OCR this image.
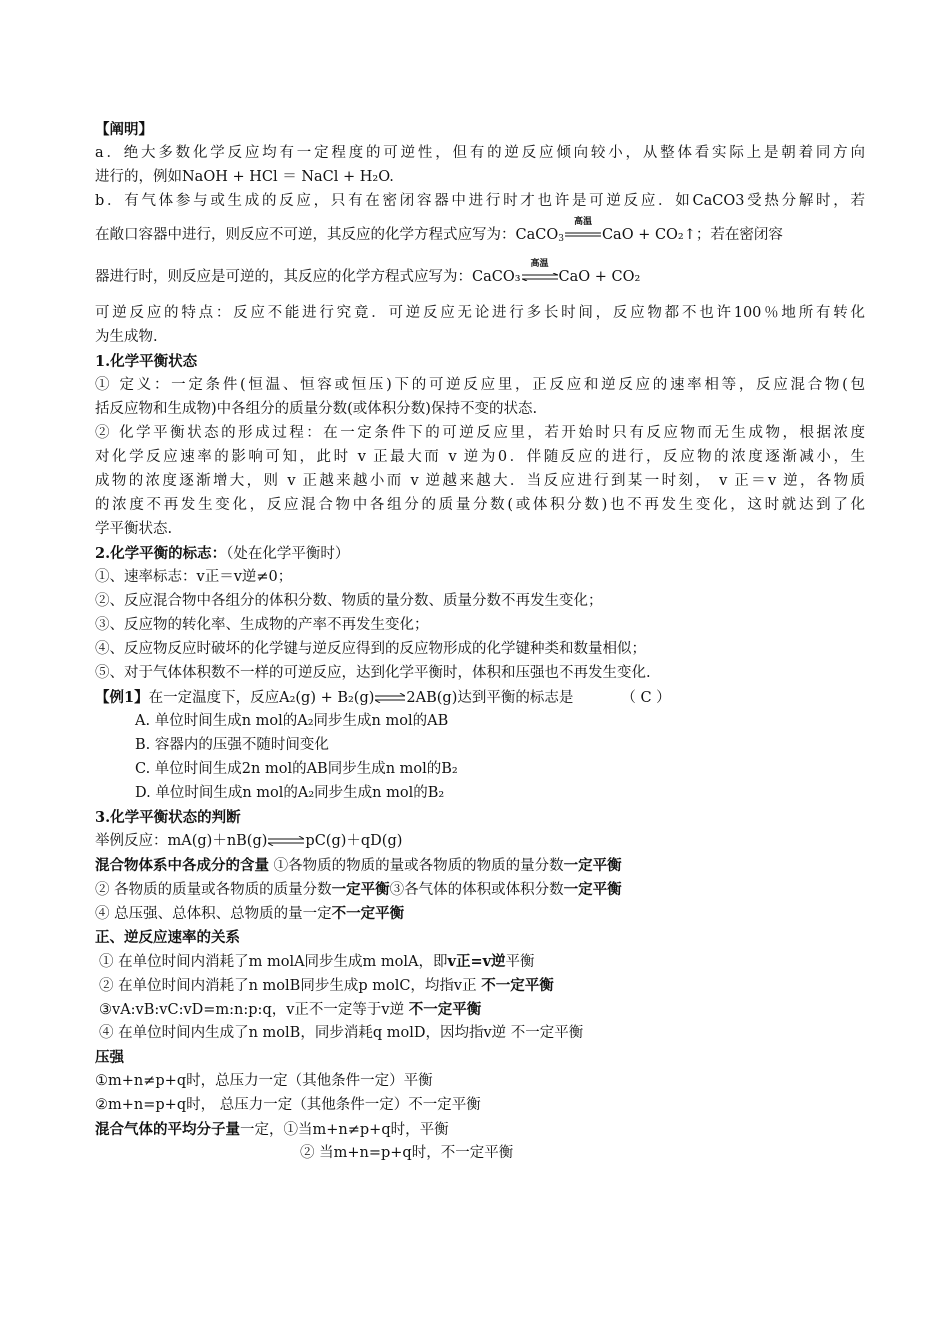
【阐明】
a．绝大多数化学反应均有一定程度的可逆性，但有的逆反应倾向较小，从整体看实际上是朝着同方向
进行的，例如NaOH + HCl ＝ NaCl + H₂O.
b．有气体参与或生成的反应，只有在密闭容器中进行时才也许是可逆反应．如CaCO3受热分解时，若
在敞口容器中进行，则反应不可逆，其反应的化学方程式应写为：CaCO$_3$
高温
CaO + CO₂↑；若在密闭容
器进行时，则反应是可逆的，其反应的化学方程式应写为：CaCO₃
高温
CaO + CO₂
可逆反应的特点：反应不能进行究竟．可逆反应无论进行多长时间，反应物都不也许100％地所有转化
为生成物.
1.化学平衡状态
① 定义：一定条件(恒温、恒容或恒压)下的可逆反应里，正反应和逆反应的速率相等，反应混合物(包
括反应物和生成物)中各组分的质量分数(或体积分数)保持不变的状态.
② 化学平衡状态的形成过程：在一定条件下的可逆反应里，若开始时只有反应物而无生成物，根据浓度
对化学反应速率的影响可知，此时 v 正最大而 v 逆为0．伴随反应的进行，反应物的浓度逐渐减小，生
成物的浓度逐渐增大，则 v 正越来越小而 v 逆越来越大．当反应进行到某一时刻， v 正＝v 逆，各物质
的浓度不再发生变化，反应混合物中各组分的质量分数(或体积分数)也不再发生变化，这时就达到了化
学平衡状态.
2.化学平衡的标志：（处在化学平衡时）
①、速率标志：v正＝v逆≠0；
②、反应混合物中各组分的体积分数、物质的量分数、质量分数不再发生变化；
③、反应物的转化率、生成物的产率不再发生变化；
④、反应物反应时破坏的化学键与逆反应得到的反应物形成的化学键种类和数量相似；
⑤、对于气体体积数不一样的可逆反应，达到化学平衡时，体积和压强也不再发生变化.
【例1】在一定温度下，反应A₂(g) + B₂(g)⇌2AB(g)达到平衡的标志是	（ C ）
A. 单位时间生成n mol的A₂同步生成n mol的AB
B. 容器内的压强不随时间变化
C. 单位时间生成2n mol的AB同步生成n mol的B₂
D. 单位时间生成n mol的A₂同步生成n mol的B₂
3.化学平衡状态的判断
举例反应：mA(g)＋nB(g)⇌pC(g)＋qD(g)
混合物体系中各成分的含量 ①各物质的物质的量或各物质的物质的量分数一定平衡
② 各物质的质量或各物质的质量分数一定平衡③各气体的体积或体积分数一定平衡
④ 总压强、总体积、总物质的量一定不一定平衡
正、逆反应速率的关系
① 在单位时间内消耗了m molA同步生成m molA，即v正=v逆平衡
② 在单位时间内消耗了n molB同步生成p molC，均指v正 不一定平衡
③vA:vB:vC:vD=m:n:p:q，v正不一定等于v逆 不一定平衡
④ 在单位时间内生成了n molB，同步消耗q molD，因均指v逆 不一定平衡
压强
①m+n≠p+q时，总压力一定（其他条件一定）平衡
②m+n=p+q时， 总压力一定（其他条件一定）不一定平衡
混合气体的平均分子量一定，①当m+n≠p+q时，平衡
② 当m+n=p+q时，不一定平衡
